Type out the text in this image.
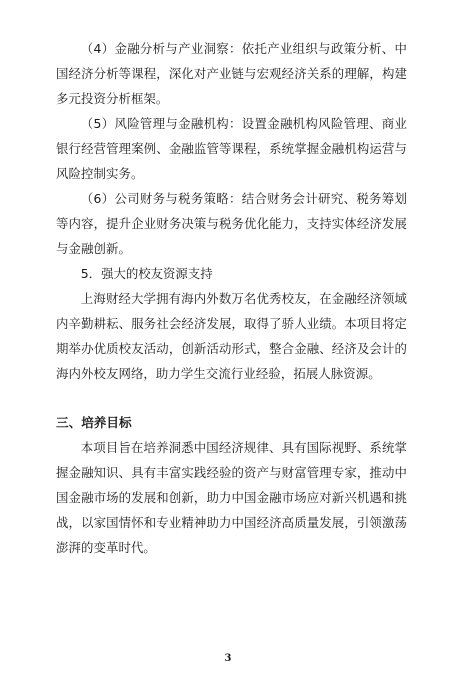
（4）金融分析与产业洞察：依托产业组织与政策分析、中国经济分析等课程，深化对产业链与宏观经济关系的理解，构建多元投资分析框架。

（5）风险管理与金融机构：设置金融机构风险管理、商业银行经营管理案例、金融监管等课程，系统掌握金融机构运营与风险控制实务。

（6）公司财务与税务策略：结合财务会计研究、税务筹划等内容，提升企业财务决策与税务优化能力，支持实体经济发展与金融创新。

5．强大的校友资源支持

上海财经大学拥有海内外数万名优秀校友，在金融经济领域内辛勤耕耘、服务社会经济发展，取得了骄人业绩。本项目将定期举办优质校友活动，创新活动形式，整合金融、经济及会计的海内外校友网络，助力学生交流行业经验，拓展人脉资源。

三、培养目标

本项目旨在培养洞悉中国经济规律、具有国际视野、系统掌握金融知识、具有丰富实践经验的资产与财富管理专家，推动中国金融市场的发展和创新，助力中国金融市场应对新兴机遇和挑战，以家国情怀和专业精神助力中国经济高质量发展，引领激荡澎湃的变革时代。

3
